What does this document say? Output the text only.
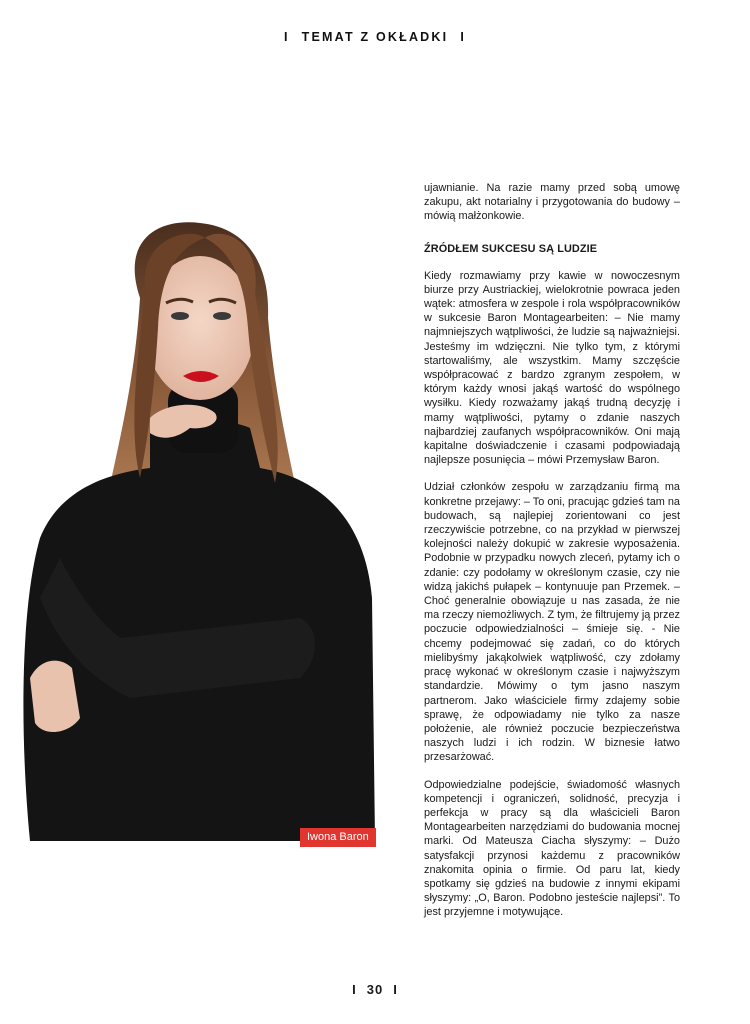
I TEMAT Z OKŁADKI I
Iwona Baron

ujawnianie. Na razie mamy przed sobą umowę zakupu, akt notarialny i przygotowania do budowy – mówią małżonkowie.

ŹRÓDŁEM SUKCESU SĄ LUDZIE

Kiedy rozmawiamy przy kawie w nowoczesnym biurze przy Austriackiej, wielokrotnie powraca jeden wątek: atmosfera w zespole i rola współpracowników w sukcesie Baron Montagearbeiten: – Nie mamy najmniejszych wątpliwości, że ludzie są najważniejsi. Jesteśmy im wdzięczni. Nie tylko tym, z którymi startowaliśmy, ale wszystkim. Mamy szczęście współpracować z bardzo zgranym zespołem, w którym każdy wnosi jakąś wartość do wspólnego wysiłku. Kiedy rozważamy jakąś trudną decyzję i mamy wątpliwości, pytamy o zdanie naszych najbardziej zaufanych współpracowników. Oni mają kapitalne doświadczenie i czasami podpowiadają najlepsze posunięcia – mówi Przemysław Baron.

Udział członków zespołu w zarządzaniu firmą ma konkretne przejawy: – To oni, pracując gdzieś tam na budowach, są najlepiej zorientowani co jest rzeczywiście potrzebne, co na przykład w pierwszej kolejności należy dokupić w zakresie wyposażenia. Podobnie w przypadku nowych zleceń, pytamy ich o zdanie: czy podołamy w określonym czasie, czy nie widzą jakichś pułapek – kontynuuje pan Przemek. – Choć generalnie obowiązuje u nas zasada, że nie ma rzeczy niemożliwych. Z tym, że filtrujemy ją przez poczucie odpowiedzialności – śmieje się. - Nie chcemy podejmować się zadań, co do których mielibyśmy jakąkolwiek wątpliwość, czy zdołamy pracę wykonać w określonym czasie i najwyższym standardzie. Mówimy o tym jasno naszym partnerom. Jako właściciele firmy zdajemy sobie sprawę, że odpowiadamy nie tylko za nasze położenie, ale również poczucie bezpieczeństwa naszych ludzi i ich rodzin. W biznesie łatwo przesarżować.

Odpowiedzialne podejście, świadomość własnych kompetencji i ograniczeń, solidność, precyzja i perfekcja w pracy są dla właścicieli Baron Montagearbeiten narzędziami do budowania mocnej marki. Od Mateusza Ciacha słyszymy: – Dużo satysfakcji przynosi każdemu z pracowników znakomita opinia o firmie. Od paru lat, kiedy spotkamy się gdzieś na budowie z innymi ekipami słyszymy: „O, Baron. Podobno jesteście najlepsi”. To jest przyjemne i motywujące.

I 30 I
